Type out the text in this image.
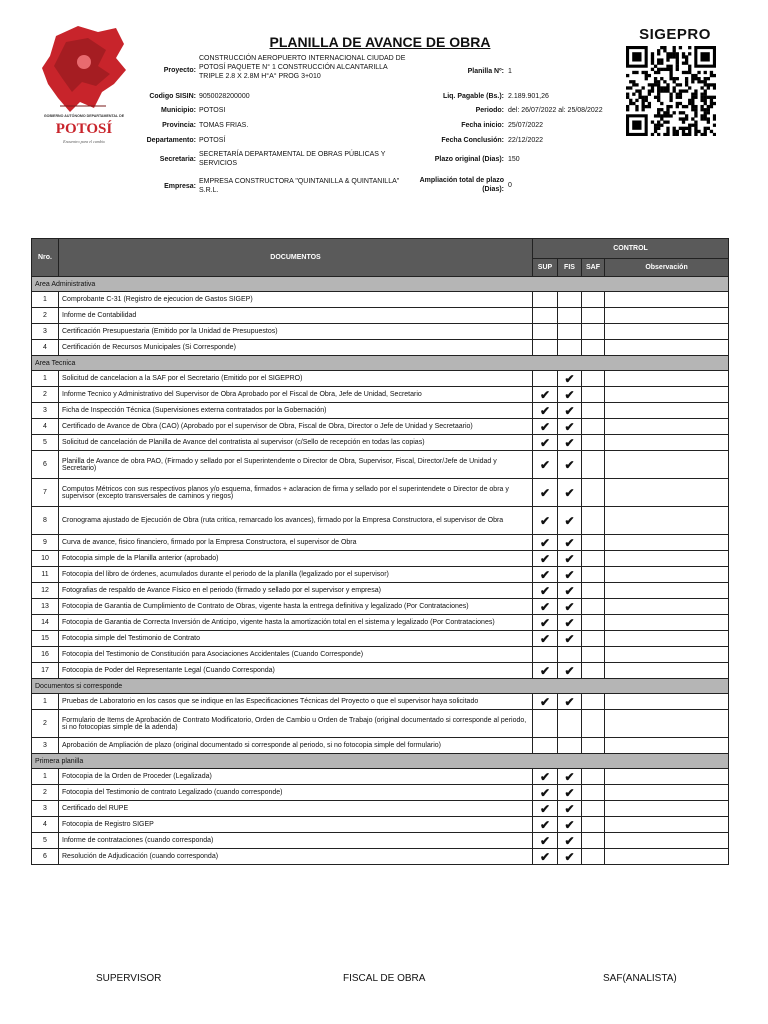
GOBIERNO AUTÓNOMO DEPARTAMENTAL DE
POTOSÍ
Encuentro para el cambio
PLANILLA DE AVANCE DE OBRA	SIGEPRO
Proyecto:
CONSTRUCCIÓN AEROPUERTO INTERNACIONAL CIUDAD DE POTOSÍ PAQUETE N° 1 CONSTRUCCIÓN ALCANTARILLA TRIPLE 2.8 X 2.8M H°A° PROG 3+010
Codigo SISIN: 9050028200000
Municipio: POTOSI
Provincia: TOMAS FRIAS.
Departamento: POTOSÍ
Secretaria:
SECRETARÍA DEPARTAMENTAL DE OBRAS PÚBLICAS Y SERVICIOS
Empresa:
EMPRESA CONSTRUCTORA "QUINTANILLA & QUINTANILLA" S.R.L.
Planilla Nº: 1
Liq. Pagable (Bs.): 2.189.901,26
Periodo: del: 26/07/2022 al: 25/08/2022
Fecha inicio: 25/07/2022
Fecha Conclusión: 22/12/2022
Plazo original (Dias): 150
Ampliación total de plazo (Dias):
0
Nro.	DOCUMENTOS	CONTROL			
		SUP	FIS	SAF	Observación
Area Administrativa					
1	Comprobante C-31 (Registro de ejecucion de Gastos SIGEP)				
2	Informe de Contabilidad				
3	Certificación Presupuestaria (Emitido por la Unidad de Presupuestos)				
4	Certificación de Recursos Municipales (Si Corresponde)				
Area Tecnica					
1	Solicitud de cancelacion a la SAF por el Secretario (Emitido por el SIGEPRO)		✔		
2	Informe Tecnico y Administrativo del Supervisor de Obra Aprobado por el Fiscal de Obra, Jefe de Unidad, Secretario	✔	✔		
3	Ficha de Inspección Técnica (Supervisiones externa contratados por la Gobernación)	✔	✔		
4	Certificado de Avance de Obra (CAO) (Aprobado por el supervisor de Obra, Fiscal de Obra, Director o Jefe de Unidad y Secretaario)	✔	✔		
5	Solicitud de cancelación de Planilla de Avance del contratista al supervisor (c/Sello de recepción en todas las copias)	✔	✔		
6	Planilla de Avance de obra PAO, (Firmado y sellado por el Superintendente o Director de Obra, Supervisor, Fiscal, Director/Jefe de Unidad y Secretario)	✔	✔		
7	Computos Métricos con sus respectivos planos y/o esquema, firmados + aclaracion de firma y sellado por el superintendete o Director de obra y supervisor (excepto transversales de caminos y riegos)	✔	✔		
8	Cronograma ajustado de Ejecución de Obra (ruta critica, remarcado los avances), firmado por la Empresa Constructora, el supervisor de Obra	✔	✔		
9	Curva de avance, fisico financiero, firmado por la Empresa Constructora, el supervisor de Obra	✔	✔		
10	Fotocopia simple de la Planilla anterior (aprobado)	✔	✔		
11	Fotocopia del libro de órdenes, acumulados durante el periodo de la planilla (legalizado por el supervisor)	✔	✔		
12	Fotografias de respaldo de Avance Físico en el periodo (firmado y sellado por el supervisor y empresa)	✔	✔		
13	Fotocopia de Garantia de Cumplimiento de Contrato de Obras, vigente hasta la entrega definitiva y legalizado (Por Contrataciones)	✔	✔		
14	Fotocopia de Garantia de Correcta Inversión de Anticipo, vigente hasta la amortización total en el sistema y legalizado (Por Contrataciones)	✔	✔		
15	Fotocopia simple del Testimonio de Contrato	✔	✔		
16	Fotocopia del Testimonio de Constitución para Asociaciones Accidentales (Cuando Corresponde)				
17	Fotocopia de Poder del Representante Legal (Cuando Corresponda)	✔	✔		
Documentos si corresponde					
1	Pruebas de Laboratorio en los casos que se indique en las Especificaciones Técnicas del Proyecto o que el supervisor haya solicitado	✔	✔		
2	Formulario de Items de Aprobación de Contrato Modificatorio, Orden de Cambio u Orden de Trabajo (original documentado si corresponde al periodo, si no fotocopias simple de la adenda)				
3	Aprobación de Ampliación de plazo (original documentado si corresponde al periodo, si no fotocopia simple del formulario)				
Primera planilla					
1	Fotocopia de la Orden de Proceder (Legalizada)	✔	✔		
2	Fotocopia del Testimonio de contrato Legalizado (cuando corresponde)	✔	✔		
3	Certificado del RUPE	✔	✔		
4	Fotocopia de Registro SIGEP	✔	✔		
5	Informe de contrataciones (cuando corresponda)	✔	✔		
6	Resolución de Adjudicación (cuando corresponda)	✔	✔		
SUPERVISOR	FISCAL DE OBRA	SAF(ANALISTA)
